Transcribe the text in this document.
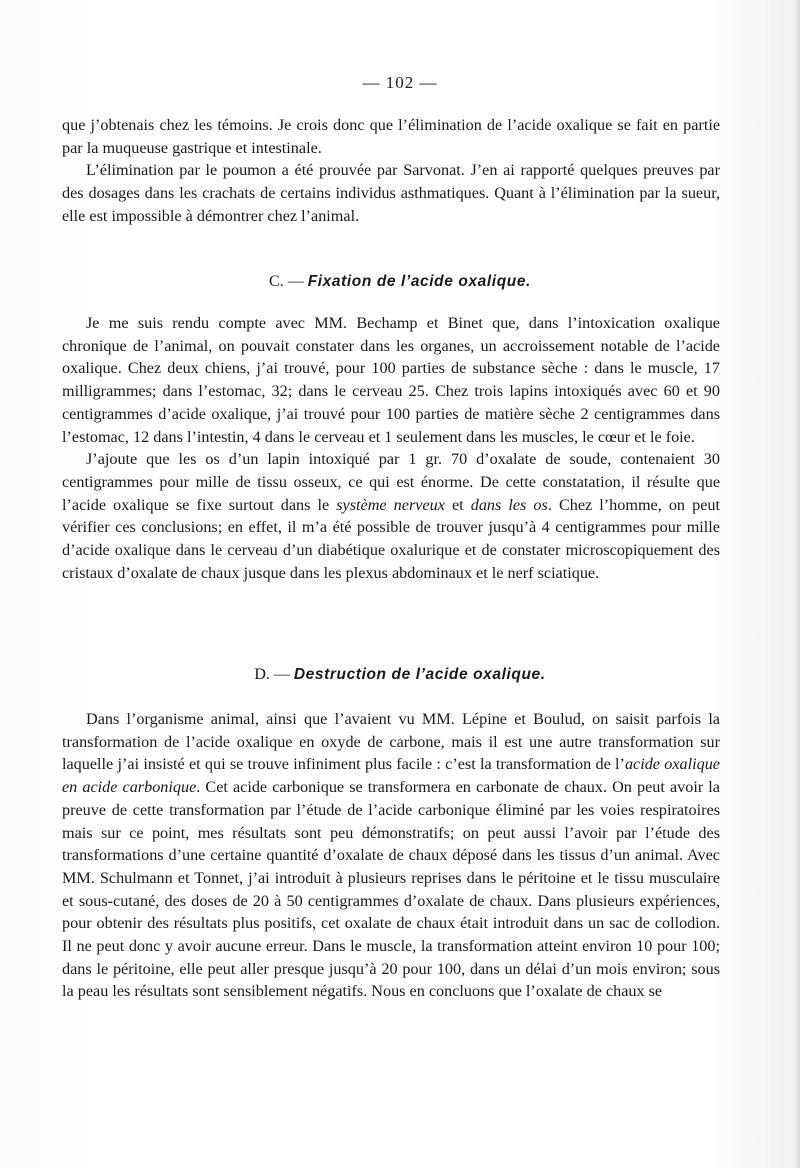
— 102 —

que j’obtenais chez les témoins. Je crois donc que l’élimination de l’acide oxalique se fait en partie par la muqueuse gastrique et intestinale.

L’élimination par le poumon a été prouvée par Sarvonat. J’en ai rapporté quelques preuves par des dosages dans les crachats de certains individus asthmatiques. Quant à l’élimination par la sueur, elle est impossible à démontrer chez l’animal.

C. — Fixation de l’acide oxalique.

Je me suis rendu compte avec MM. Bechamp et Binet que, dans l’intoxication oxalique chronique de l’animal, on pouvait constater dans les organes, un accroissement notable de l’acide oxalique. Chez deux chiens, j’ai trouvé, pour 100 parties de substance sèche : dans le muscle, 17 milligrammes; dans l’estomac, 32; dans le cerveau 25. Chez trois lapins intoxiqués avec 60 et 90 centigrammes d’acide oxalique, j’ai trouvé pour 100 parties de matière sèche 2 centigrammes dans l’estomac, 12 dans l’intestin, 4 dans le cerveau et 1 seulement dans les muscles, le cœur et le foie.

J’ajoute que les os d’un lapin intoxiqué par 1 gr. 70 d’oxalate de soude, contenaient 30 centigrammes pour mille de tissu osseux, ce qui est énorme. De cette constatation, il résulte que l’acide oxalique se fixe surtout dans le système nerveux et dans les os. Chez l’homme, on peut vérifier ces conclusions; en effet, il m’a été possible de trouver jusqu’à 4 centigrammes pour mille d’acide oxalique dans le cerveau d’un diabétique oxalurique et de constater microscopiquement des cristaux d’oxalate de chaux jusque dans les plexus abdominaux et le nerf sciatique.

D. — Destruction de l’acide oxalique.

Dans l’organisme animal, ainsi que l’avaient vu MM. Lépine et Boulud, on saisit parfois la transformation de l’acide oxalique en oxyde de carbone, mais il est une autre transformation sur laquelle j’ai insisté et qui se trouve infiniment plus facile : c’est la transformation de l’acide oxalique en acide carbonique. Cet acide carbonique se transformera en carbonate de chaux. On peut avoir la preuve de cette transformation par l’étude de l’acide carbonique éliminé par les voies respiratoires mais sur ce point, mes résultats sont peu démonstratifs; on peut aussi l’avoir par l’étude des transformations d’une certaine quantité d’oxalate de chaux déposé dans les tissus d’un animal. Avec MM. Schulmann et Tonnet, j’ai introduit à plusieurs reprises dans le péritoine et le tissu musculaire et sous-cutané, des doses de 20 à 50 centigrammes d’oxalate de chaux. Dans plusieurs expériences, pour obtenir des résultats plus positifs, cet oxalate de chaux était introduit dans un sac de collodion. Il ne peut donc y avoir aucune erreur. Dans le muscle, la transformation atteint environ 10 pour 100; dans le péritoine, elle peut aller presque jusqu’à 20 pour 100, dans un délai d’un mois environ; sous la peau les résultats sont sensiblement négatifs. Nous en concluons que l’oxalate de chaux se
